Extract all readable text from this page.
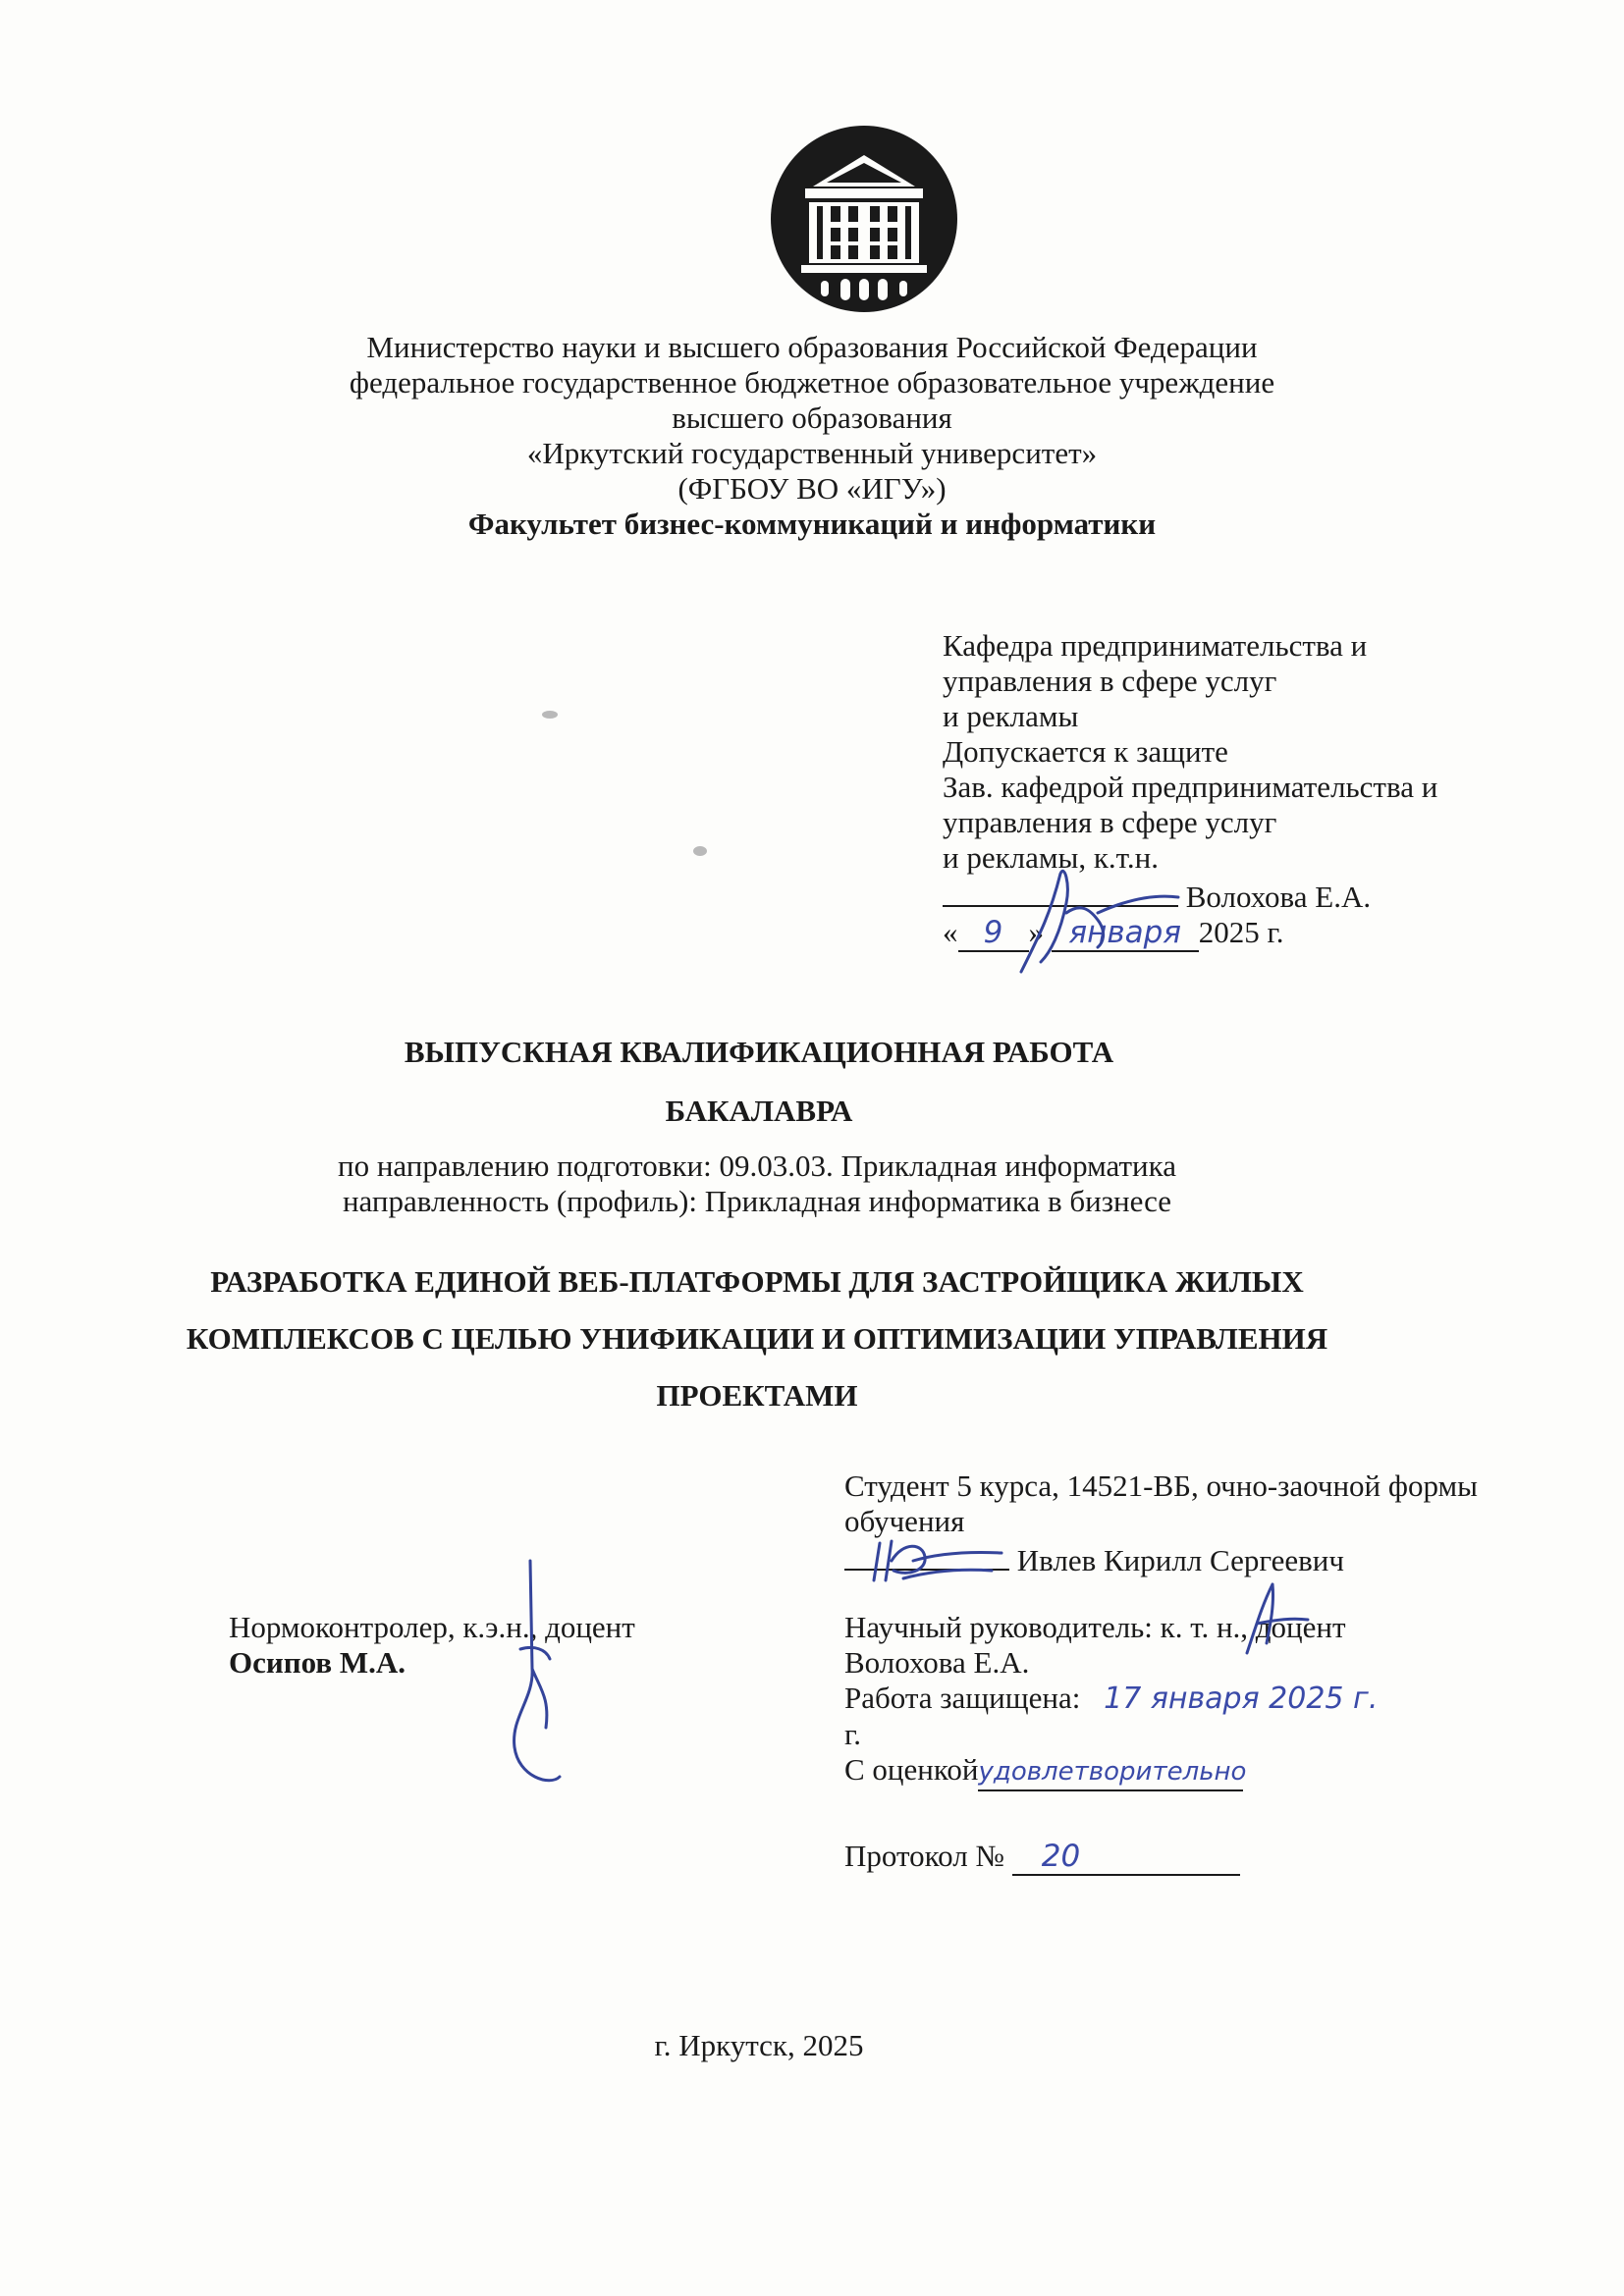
Министерство науки и высшего образования Российской Федерации
федеральное государственное бюджетное образовательное учреждение
высшего образования
«Иркутский государственный университет»
(ФГБОУ ВО «ИГУ»)
Факультет бизнес-коммуникаций и информатики
Кафедра предпринимательства и
управления в сфере услуг
и рекламы
Допускается к защите
Зав. кафедрой предпринимательства и
управления в сфере услуг
и рекламы, к.т.н.
Волохова Е.А.
« 9 » января 2025 г.
ВЫПУСКНАЯ КВАЛИФИКАЦИОННАЯ РАБОТА
БАКАЛАВРА
по направлению подготовки: 09.03.03. Прикладная информатика
направленность (профиль): Прикладная информатика в бизнесе
РАЗРАБОТКА ЕДИНОЙ ВЕБ-ПЛАТФОРМЫ ДЛЯ ЗАСТРОЙЩИКА ЖИЛЫХ
КОМПЛЕКСОВ С ЦЕЛЬЮ УНИФИКАЦИИ И ОПТИМИЗАЦИИ УПРАВЛЕНИЯ
ПРОЕКТАМИ
Студент 5 курса, 14521-ВБ, очно-заочной формы
обучения
Ивлев Кирилл Сергеевич
Нормоконтролер, к.э.н., доцент
Осипов М.А.
Научный руководитель: к. т. н., доцент
Волохова Е.А.
Работа защищена: 17 января 2025 г.
г.
С оценкойудовлетворительно
Протокол № 20
г. Иркутск, 2025
